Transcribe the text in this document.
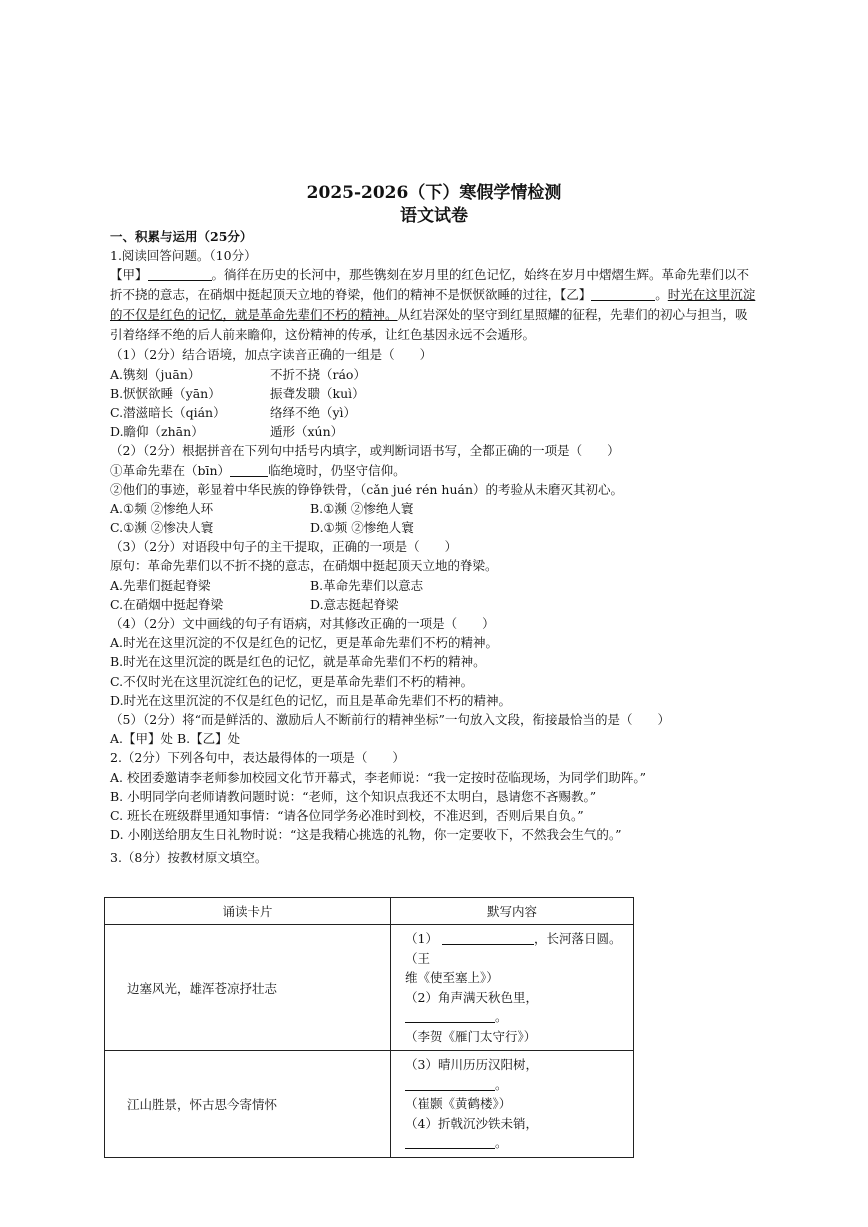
2025-2026（下）寒假学情检测
语文试卷
一、积累与运用（25分）
1.阅读回答问题。（10分）
【甲】	。徜徉在历史的长河中，那些镌刻在岁月里的红色记忆，始终在岁月中熠熠生辉。革命先辈们以不折不挠的意志，在硝烟中挺起顶天立地的脊梁，他们的精神不是恹恹欲睡的过往，【乙】	。时光在这里沉淀的不仅是红色的记忆，就是革命先辈们不朽的精神。从红岩深处的坚守到红星照耀的征程，先辈们的初心与担当，吸引着络绎不绝的后人前来瞻仰，这份精神的传承，让红色基因永远不会遁形。
（1）（2分）结合语境，加点字读音正确的一组是（　　）
A.镌刻（juān）	不折不挠（ráo）
B.恹恹欲睡（yān）	振聋发聩（kuì）
C.潜滋暗长（qián）	络绎不绝（yì）
D.瞻仰（zhān）	遁形（xún）
（2）（2分）根据拼音在下列句中括号内填字，或判断词语书写，全都正确的一项是（　　）
①革命先辈在（bīn）	临绝境时，仍坚守信仰。
②他们的事迹，彰显着中华民族的铮铮铁骨，（cǎn jué rén huán）的考验从未磨灭其初心。
A.①频 ②惨绝人环	B.①濒 ②惨绝人寰
C.①濒 ②惨决人寰	D.①频 ②惨绝人寰
（3）（2分）对语段中句子的主干提取，正确的一项是（　　）
原句：革命先辈们以不折不挠的意志，在硝烟中挺起顶天立地的脊梁。
A.先辈们挺起脊梁	B.革命先辈们以意志
C.在硝烟中挺起脊梁	D.意志挺起脊梁
（4）（2分）文中画线的句子有语病，对其修改正确的一项是（　　）
A.时光在这里沉淀的不仅是红色的记忆，更是革命先辈们不朽的精神。
B.时光在这里沉淀的既是红色的记忆，就是革命先辈们不朽的精神。
C.不仅时光在这里沉淀红色的记忆，更是革命先辈们不朽的精神。
D.时光在这里沉淀的不仅是红色的记忆，而且是革命先辈们不朽的精神。
（5）（2分）将“而是鲜活的、激励后人不断前行的精神坐标”一句放入文段，衔接最恰当的是（　　）
A.【甲】处 B.【乙】处
2.（2分）下列各句中，表达最得体的一项是（　　）
A. 校团委邀请李老师参加校园文化节开幕式，李老师说：“我一定按时莅临现场，为同学们助阵。”
B. 小明同学向老师请教问题时说：“老师，这个知识点我还不太明白，恳请您不吝赐教。”
C. 班长在班级群里通知事情：“请各位同学务必准时到校，不准迟到，否则后果自负。”
D. 小刚送给朋友生日礼物时说：“这是我精心挑选的礼物，你一定要收下，不然我会生气的。”
3.（8分）按教材原文填空。
诵读卡片	默写内容
边塞风光，雄浑苍凉抒壮志	（1） ，长河落日圆。（王
维《使至塞上》）
（2）角声满天秋色里，。
（李贺《雁门太守行》）

江山胜景，怀古思今寄情怀	（3）晴川历历汉阳树，。
（崔颢《黄鹤楼》）
（4）折戟沉沙铁未销，。
